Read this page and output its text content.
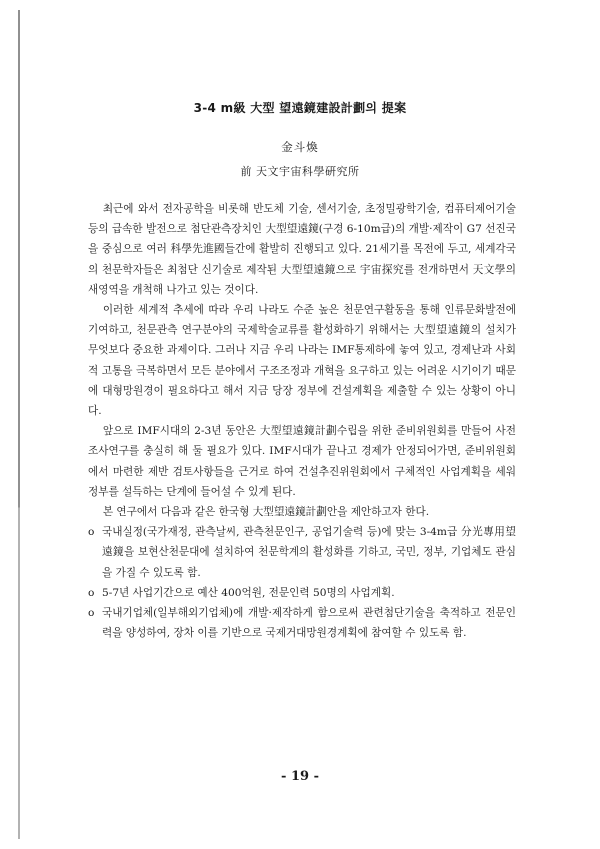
3-4 m級 大型 望遠鏡建設計劃의 提案
金斗煥
前 天文宇宙科學硏究所

최근에 와서 전자공학을 비롯해 반도체 기술, 센서기술, 초정밀광학기술, 컴퓨터제어기술 등의 급속한 발전으로 첨단관측장치인 大型望遠鏡(구경 6-10m급)의 개발·제작이 G7 선진국을 중심으로 여러 科學先進國들간에 활발히 진행되고 있다. 21세기를 목전에 두고, 세계각국의 천문학자들은 최첨단 신기술로 제작된 大型望遠鏡으로 宇宙探究를 전개하면서 天文學의 새영역을 개척해 나가고 있는 것이다.

이러한 세계적 추세에 따라 우리 나라도 수준 높은 천문연구활동을 통해 인류문화발전에 기여하고, 천문관측 연구분야의 국제학술교류를 활성화하기 위해서는 大型望遠鏡의 설치가 무엇보다 중요한 과제이다. 그러나 지금 우리 나라는 IMF통제하에 놓여 있고, 경제난과 사회적 고통을 극복하면서 모든 분야에서 구조조정과 개혁을 요구하고 있는 어려운 시기이기 때문에 대형망원경이 필요하다고 해서 지금 당장 정부에 건설계획을 제출할 수 있는 상황이 아니다.

앞으로 IMF시대의 2-3년 동안은 大型望遠鏡計劃수립을 위한 준비위원회를 만들어 사전조사연구를 충실히 해 둘 필요가 있다. IMF시대가 끝나고 경제가 안정되어가면, 준비위원회에서 마련한 제반 검토사항들을 근거로 하여 건설추진위원회에서 구체적인 사업계획을 세워 정부를 설득하는 단계에 들어설 수 있게 된다.

본 연구에서 다음과 같은 한국형 大型望遠鏡計劃안을 제안하고자 한다.

o 국내실정(국가재정, 관측날씨, 관측천문인구, 공업기술력 등)에 맞는 3-4m급 分光專用望遠鏡을 보현산천문대에 설치하여 천문학계의 활성화를 기하고, 국민, 정부, 기업체도 관심을 가질 수 있도록 함.
o 5-7년 사업기간으로 예산 400억원, 전문인력 50명의 사업계획.
o 국내기업체(일부해외기업체)에 개발·제작하게 함으로써 관련첨단기술을 축적하고 전문인력을 양성하여, 장차 이를 기반으로 국제거대망원경계획에 참여할 수 있도록 함.
- 19 -
